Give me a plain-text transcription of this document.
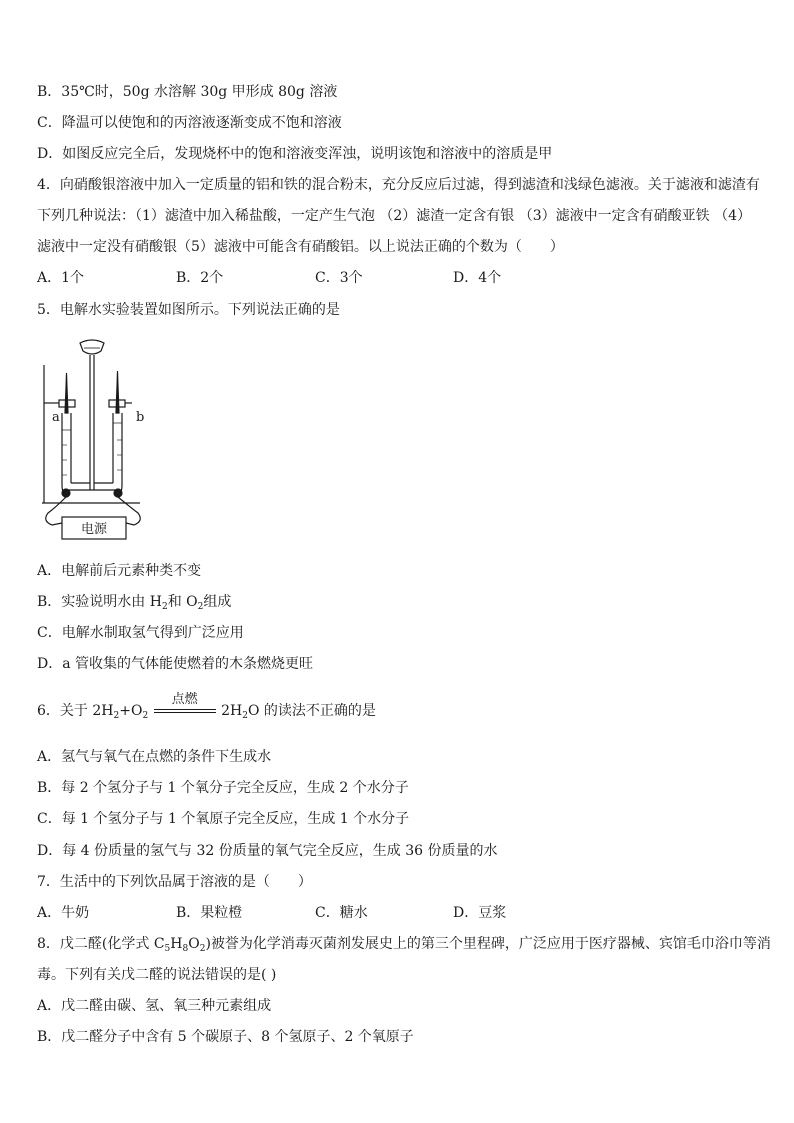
B．35℃时，50g 水溶解 30g 甲形成 80g 溶液
C．降温可以使饱和的丙溶液逐渐变成不饱和溶液
D．如图反应完全后，发现烧杯中的饱和溶液变浑浊，说明该饱和溶液中的溶质是甲
4．向硝酸银溶液中加入一定质量的铝和铁的混合粉末，充分反应后过滤，得到滤渣和浅绿色滤液。关于滤液和滤渣有
下列几种说法：（1）滤渣中加入稀盐酸，一定产生气泡 （2）滤渣一定含有银 （3）滤液中一定含有硝酸亚铁 （4）
滤液中一定没有硝酸银（5）滤液中可能含有硝酸铝。以上说法正确的个数为（　　）
A．1个	B．2个	C．3个	D．4个
5．电解水实验装置如图所示。下列说法正确的是
a	b
电源
A．电解前后元素种类不变
B．实验说明水由 $H_2$和 $O_2$组成
C．电解水制取氢气得到广泛应用
D．a 管收集的气体能使燃着的木条燃烧更旺
6．关于 $2H_2+O_2$
点燃
$2H_2O$ 的读法不正确的是
A．氢气与氧气在点燃的条件下生成水
B．每 2 个氢分子与 1 个氧分子完全反应，生成 2 个水分子
C．每 1 个氢分子与 1 个氧原子完全反应，生成 1 个水分子
D．每 4 份质量的氢气与 32 份质量的氧气完全反应，生成 36 份质量的水
7．生活中的下列饮品属于溶液的是（　　）
A．牛奶	B．果粒橙	C．糖水	D．豆浆
8．戊二醛(化学式 $C_5H_8O_2$)被誉为化学消毒灭菌剂发展史上的第三个里程碑，广泛应用于医疗器械、宾馆毛巾浴巾等消
毒。下列有关戊二醛的说法错误的是( )
A．戊二醛由碳、氢、氧三种元素组成
B．戊二醛分子中含有 5 个碳原子、8 个氢原子、2 个氧原子
